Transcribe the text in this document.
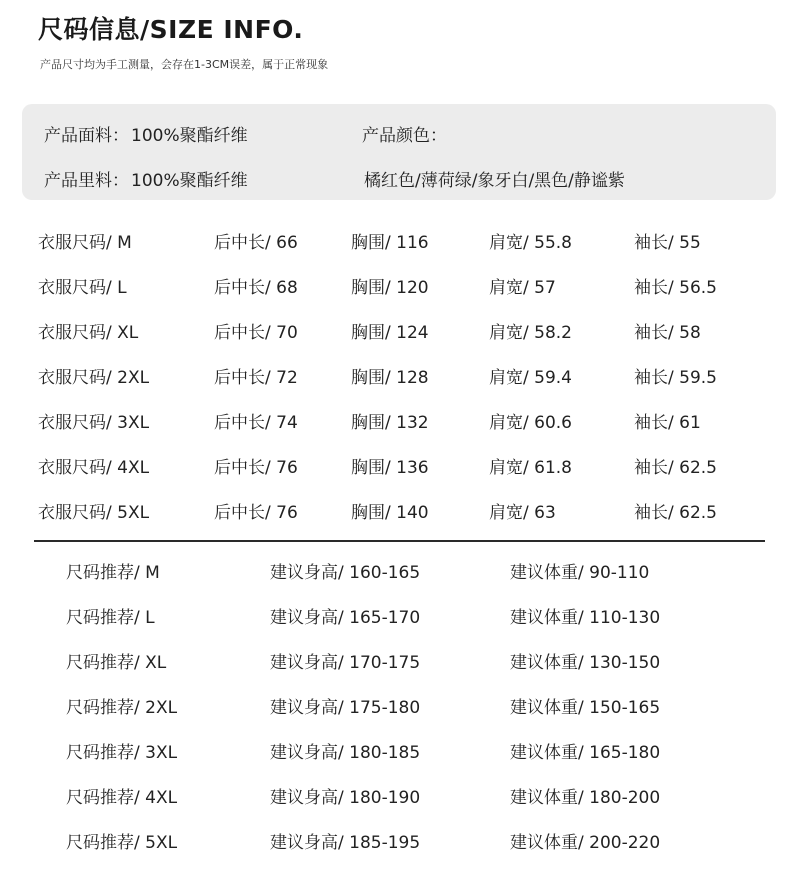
尺码信息/SIZE INFO.
产品尺寸均为手工测量，会存在1-3CM误差，属于正常现象
产品面料： 100%聚酯纤维
产品里料： 100%聚酯纤维
产品颜色：
橘红色/薄荷绿/象牙白/黑色/静谧紫
衣服尺码/ M	后中长/ 66	胸围/ 116	肩宽/ 55.8	袖长/ 55
衣服尺码/ L	后中长/ 68	胸围/ 120	肩宽/ 57	袖长/ 56.5
衣服尺码/ XL	后中长/ 70	胸围/ 124	肩宽/ 58.2	袖长/ 58
衣服尺码/ 2XL	后中长/ 72	胸围/ 128	肩宽/ 59.4	袖长/ 59.5
衣服尺码/ 3XL	后中长/ 74	胸围/ 132	肩宽/ 60.6	袖长/ 61
衣服尺码/ 4XL	后中长/ 76	胸围/ 136	肩宽/ 61.8	袖长/ 62.5
衣服尺码/ 5XL	后中长/ 76	胸围/ 140	肩宽/ 63	袖长/ 62.5
尺码推荐/ M	建议身高/ 160-165	建议体重/ 90-110
尺码推荐/ L	建议身高/ 165-170	建议体重/ 110-130
尺码推荐/ XL	建议身高/ 170-175	建议体重/ 130-150
尺码推荐/ 2XL	建议身高/ 175-180	建议体重/ 150-165
尺码推荐/ 3XL	建议身高/ 180-185	建议体重/ 165-180
尺码推荐/ 4XL	建议身高/ 180-190	建议体重/ 180-200
尺码推荐/ 5XL	建议身高/ 185-195	建议体重/ 200-220
